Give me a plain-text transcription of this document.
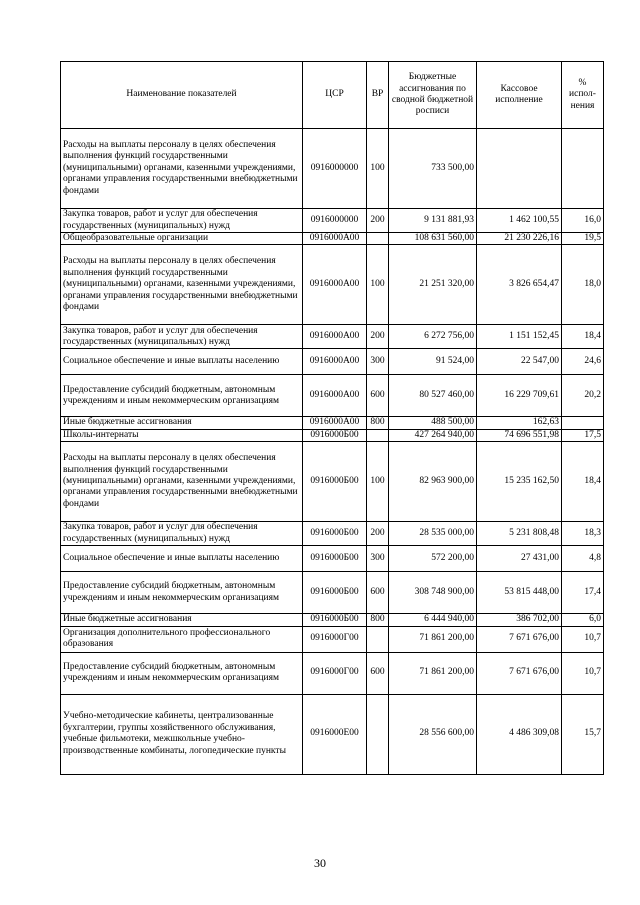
Наименование показателей	ЦСР	ВР	Бюджетные ассигнования по сводной бюджетной росписи	Кассовое исполнение	% испол-нения
Расходы на выплаты персоналу в целях обеспечения выполнения функций государственными (муниципальными) органами, казенными учреждениями, органами управления государственными внебюджетными фондами	0916000000	100	733 500,00		
Закупка товаров, работ и услуг для обеспечения государственных (муниципальных) нужд	0916000000	200	9 131 881,93	1 462 100,55	16,0
Общеобразовательные организации	0916000А00		108 631 560,00	21 230 226,16	19,5
Расходы на выплаты персоналу в целях обеспечения выполнения функций государственными (муниципальными) органами, казенными учреждениями, органами управления государственными внебюджетными фондами	0916000А00	100	21 251 320,00	3 826 654,47	18,0
Закупка товаров, работ и услуг для обеспечения государственных (муниципальных) нужд	0916000А00	200	6 272 756,00	1 151 152,45	18,4
Социальное обеспечение и иные выплаты населению	0916000А00	300	91 524,00	22 547,00	24,6
Предоставление субсидий бюджетным, автономным учреждениям и иным некоммерческим организациям	0916000А00	600	80 527 460,00	16 229 709,61	20,2
Иные бюджетные ассигнования	0916000А00	800	488 500,00	162,63	
Школы-интернаты	0916000Б00		427 264 940,00	74 696 551,98	17,5
Расходы на выплаты персоналу в целях обеспечения выполнения функций государственными (муниципальными) органами, казенными учреждениями, органами управления государственными внебюджетными фондами	0916000Б00	100	82 963 900,00	15 235 162,50	18,4
Закупка товаров, работ и услуг для обеспечения государственных (муниципальных) нужд	0916000Б00	200	28 535 000,00	5 231 808,48	18,3
Социальное обеспечение и иные выплаты населению	0916000Б00	300	572 200,00	27 431,00	4,8
Предоставление субсидий бюджетным, автономным учреждениям и иным некоммерческим организациям	0916000Б00	600	308 748 900,00	53 815 448,00	17,4
Иные бюджетные ассигнования	0916000Б00	800	6 444 940,00	386 702,00	6,0
Организация дополнительного профессионального образования	0916000Г00		71 861 200,00	7 671 676,00	10,7
Предоставление субсидий бюджетным, автономным учреждениям и иным некоммерческим организациям	0916000Г00	600	71 861 200,00	7 671 676,00	10,7
Учебно-методические кабинеты, централизованные бухгалтерии, группы хозяйственного обслуживания, учебные фильмотеки, межшкольные учебно-производственные комбинаты, логопедические пункты	0916000Е00		28 556 600,00	4 486 309,08	15,7
30
